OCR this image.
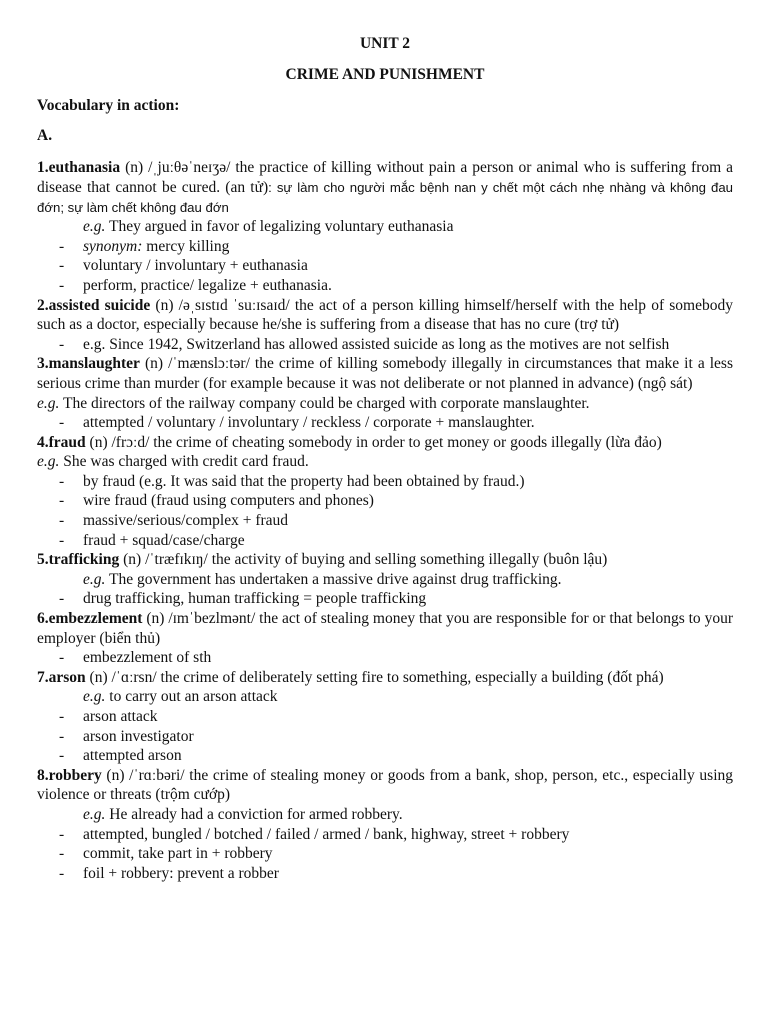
UNIT 2
CRIME AND PUNISHMENT
Vocabulary in action:
A.
1.euthanasia (n) /ˌjuːθəˈneɪʒə/ the practice of killing without pain a person or animal who is suffering from a disease that cannot be cured. (an tử): sự làm cho người mắc bệnh nan y chết một cách nhẹ nhàng và không đau đớn; sự làm chết không đau đớn
e.g. They argued in favor of legalizing voluntary euthanasia
- synonym: mercy killing
- voluntary / involuntary + euthanasia
- perform, practice/ legalize + euthanasia.
2.assisted suicide (n) /əˌsɪstɪd ˈsuːɪsaɪd/ the act of a person killing himself/herself with the help of somebody such as a doctor, especially because he/she is suffering from a disease that has no cure (trợ tử)
- e.g. Since 1942, Switzerland has allowed assisted suicide as long as the motives are not selfish
3.manslaughter (n) /ˈmænslɔːtər/ the crime of killing somebody illegally in circumstances that make it a less serious crime than murder (for example because it was not deliberate or not planned in advance) (ngộ sát)
e.g. The directors of the railway company could be charged with corporate manslaughter.
- attempted / voluntary / involuntary / reckless / corporate + manslaughter.
4.fraud (n) /frɔːd/ the crime of cheating somebody in order to get money or goods illegally (lừa đảo)
e.g. She was charged with credit card fraud.
- by fraud (e.g. It was said that the property had been obtained by fraud.)
- wire fraud (fraud using computers and phones)
- massive/serious/complex + fraud
- fraud + squad/case/charge
5.trafficking (n) /ˈtræfɪkɪŋ/ the activity of buying and selling something illegally (buôn lậu)
e.g. The government has undertaken a massive drive against drug trafficking.
- drug trafficking, human trafficking = people trafficking
6.embezzlement (n) /ɪmˈbezlmənt/ the act of stealing money that you are responsible for or that belongs to your employer (biển thủ)
- embezzlement of sth
7.arson (n) /ˈɑːrsn/ the crime of deliberately setting fire to something, especially a building (đốt phá)
e.g. to carry out an arson attack
- arson attack
- arson investigator
- attempted arson
8.robbery (n) /ˈrɑːbəri/ the crime of stealing money or goods from a bank, shop, person, etc., especially using violence or threats (trộm cướp)
e.g. He already had a conviction for armed robbery.
- attempted, bungled / botched / failed / armed / bank, highway, street + robbery
- commit, take part in + robbery
- foil + robbery: prevent a robber
